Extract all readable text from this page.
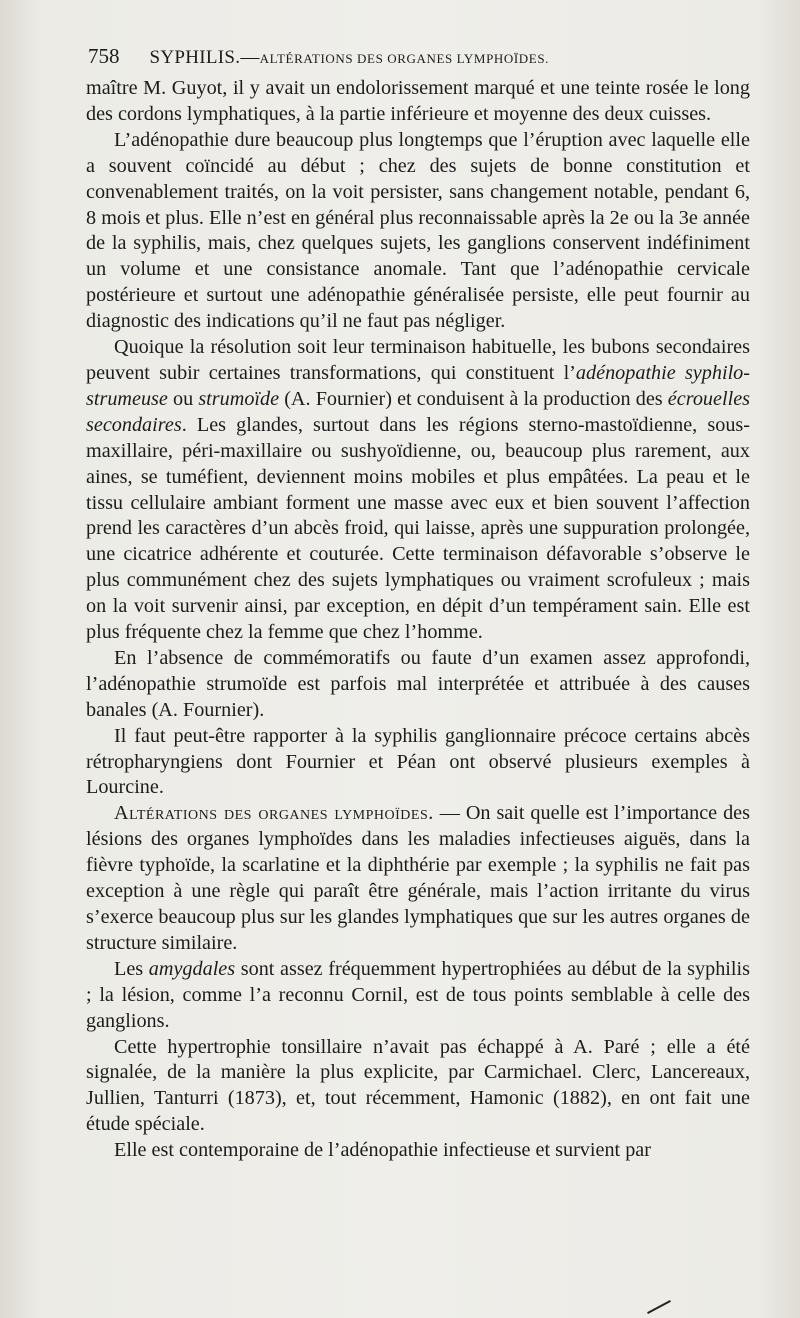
758 SYPHILIS. — ALTÉRATIONS DES ORGANES LYMPHOÏDES.

maître M. Guyot, il y avait un endolorissement marqué et une teinte rosée le long des cordons lymphatiques, à la partie inférieure et moyenne des deux cuisses.

L’adénopathie dure beaucoup plus longtemps que l’éruption avec laquelle elle a souvent coïncidé au début ; chez des sujets de bonne constitution et convenablement traités, on la voit persister, sans changement notable, pendant 6, 8 mois et plus. Elle n’est en général plus reconnaissable après la 2e ou la 3e année de la syphilis, mais, chez quelques sujets, les ganglions conservent indéfiniment un volume et une consistance anomale. Tant que l’adénopathie cervicale postérieure et surtout une adénopathie généralisée persiste, elle peut fournir au diagnostic des indications qu’il ne faut pas négliger.

Quoique la résolution soit leur terminaison habituelle, les bubons secondaires peuvent subir certaines transformations, qui constituent l’adénopathie syphilo-strumeuse ou strumoïde (A. Fournier) et conduisent à la production des écrouelles secondaires. Les glandes, surtout dans les régions sterno-mastoïdienne, sous-maxillaire, péri-maxillaire ou sushyoïdienne, ou, beaucoup plus rarement, aux aines, se tuméfient, deviennent moins mobiles et plus empâtées. La peau et le tissu cellulaire ambiant forment une masse avec eux et bien souvent l’affection prend les caractères d’un abcès froid, qui laisse, après une suppuration prolongée, une cicatrice adhérente et couturée. Cette terminaison défavorable s’observe le plus communément chez des sujets lymphatiques ou vraiment scrofuleux ; mais on la voit survenir ainsi, par exception, en dépit d’un tempérament sain. Elle est plus fréquente chez la femme que chez l’homme.

En l’absence de commémoratifs ou faute d’un examen assez approfondi, l’adénopathie strumoïde est parfois mal interprétée et attribuée à des causes banales (A. Fournier).

Il faut peut-être rapporter à la syphilis ganglionnaire précoce certains abcès rétropharyngiens dont Fournier et Péan ont observé plusieurs exemples à Lourcine.

Altérations des organes lymphoïdes. — On sait quelle est l’importance des lésions des organes lymphoïdes dans les maladies infectieuses aiguës, dans la fièvre typhoïde, la scarlatine et la diphthérie par exemple ; la syphilis ne fait pas exception à une règle qui paraît être générale, mais l’action irritante du virus s’exerce beaucoup plus sur les glandes lymphatiques que sur les autres organes de structure similaire.

Les amygdales sont assez fréquemment hypertrophiées au début de la syphilis ; la lésion, comme l’a reconnu Cornil, est de tous points semblable à celle des ganglions.

Cette hypertrophie tonsillaire n’avait pas échappé à A. Paré ; elle a été signalée, de la manière la plus explicite, par Carmichael. Clerc, Lancereaux, Jullien, Tanturri (1873), et, tout récemment, Hamonic (1882), en ont fait une étude spéciale.

Elle est contemporaine de l’adénopathie infectieuse et survient par
